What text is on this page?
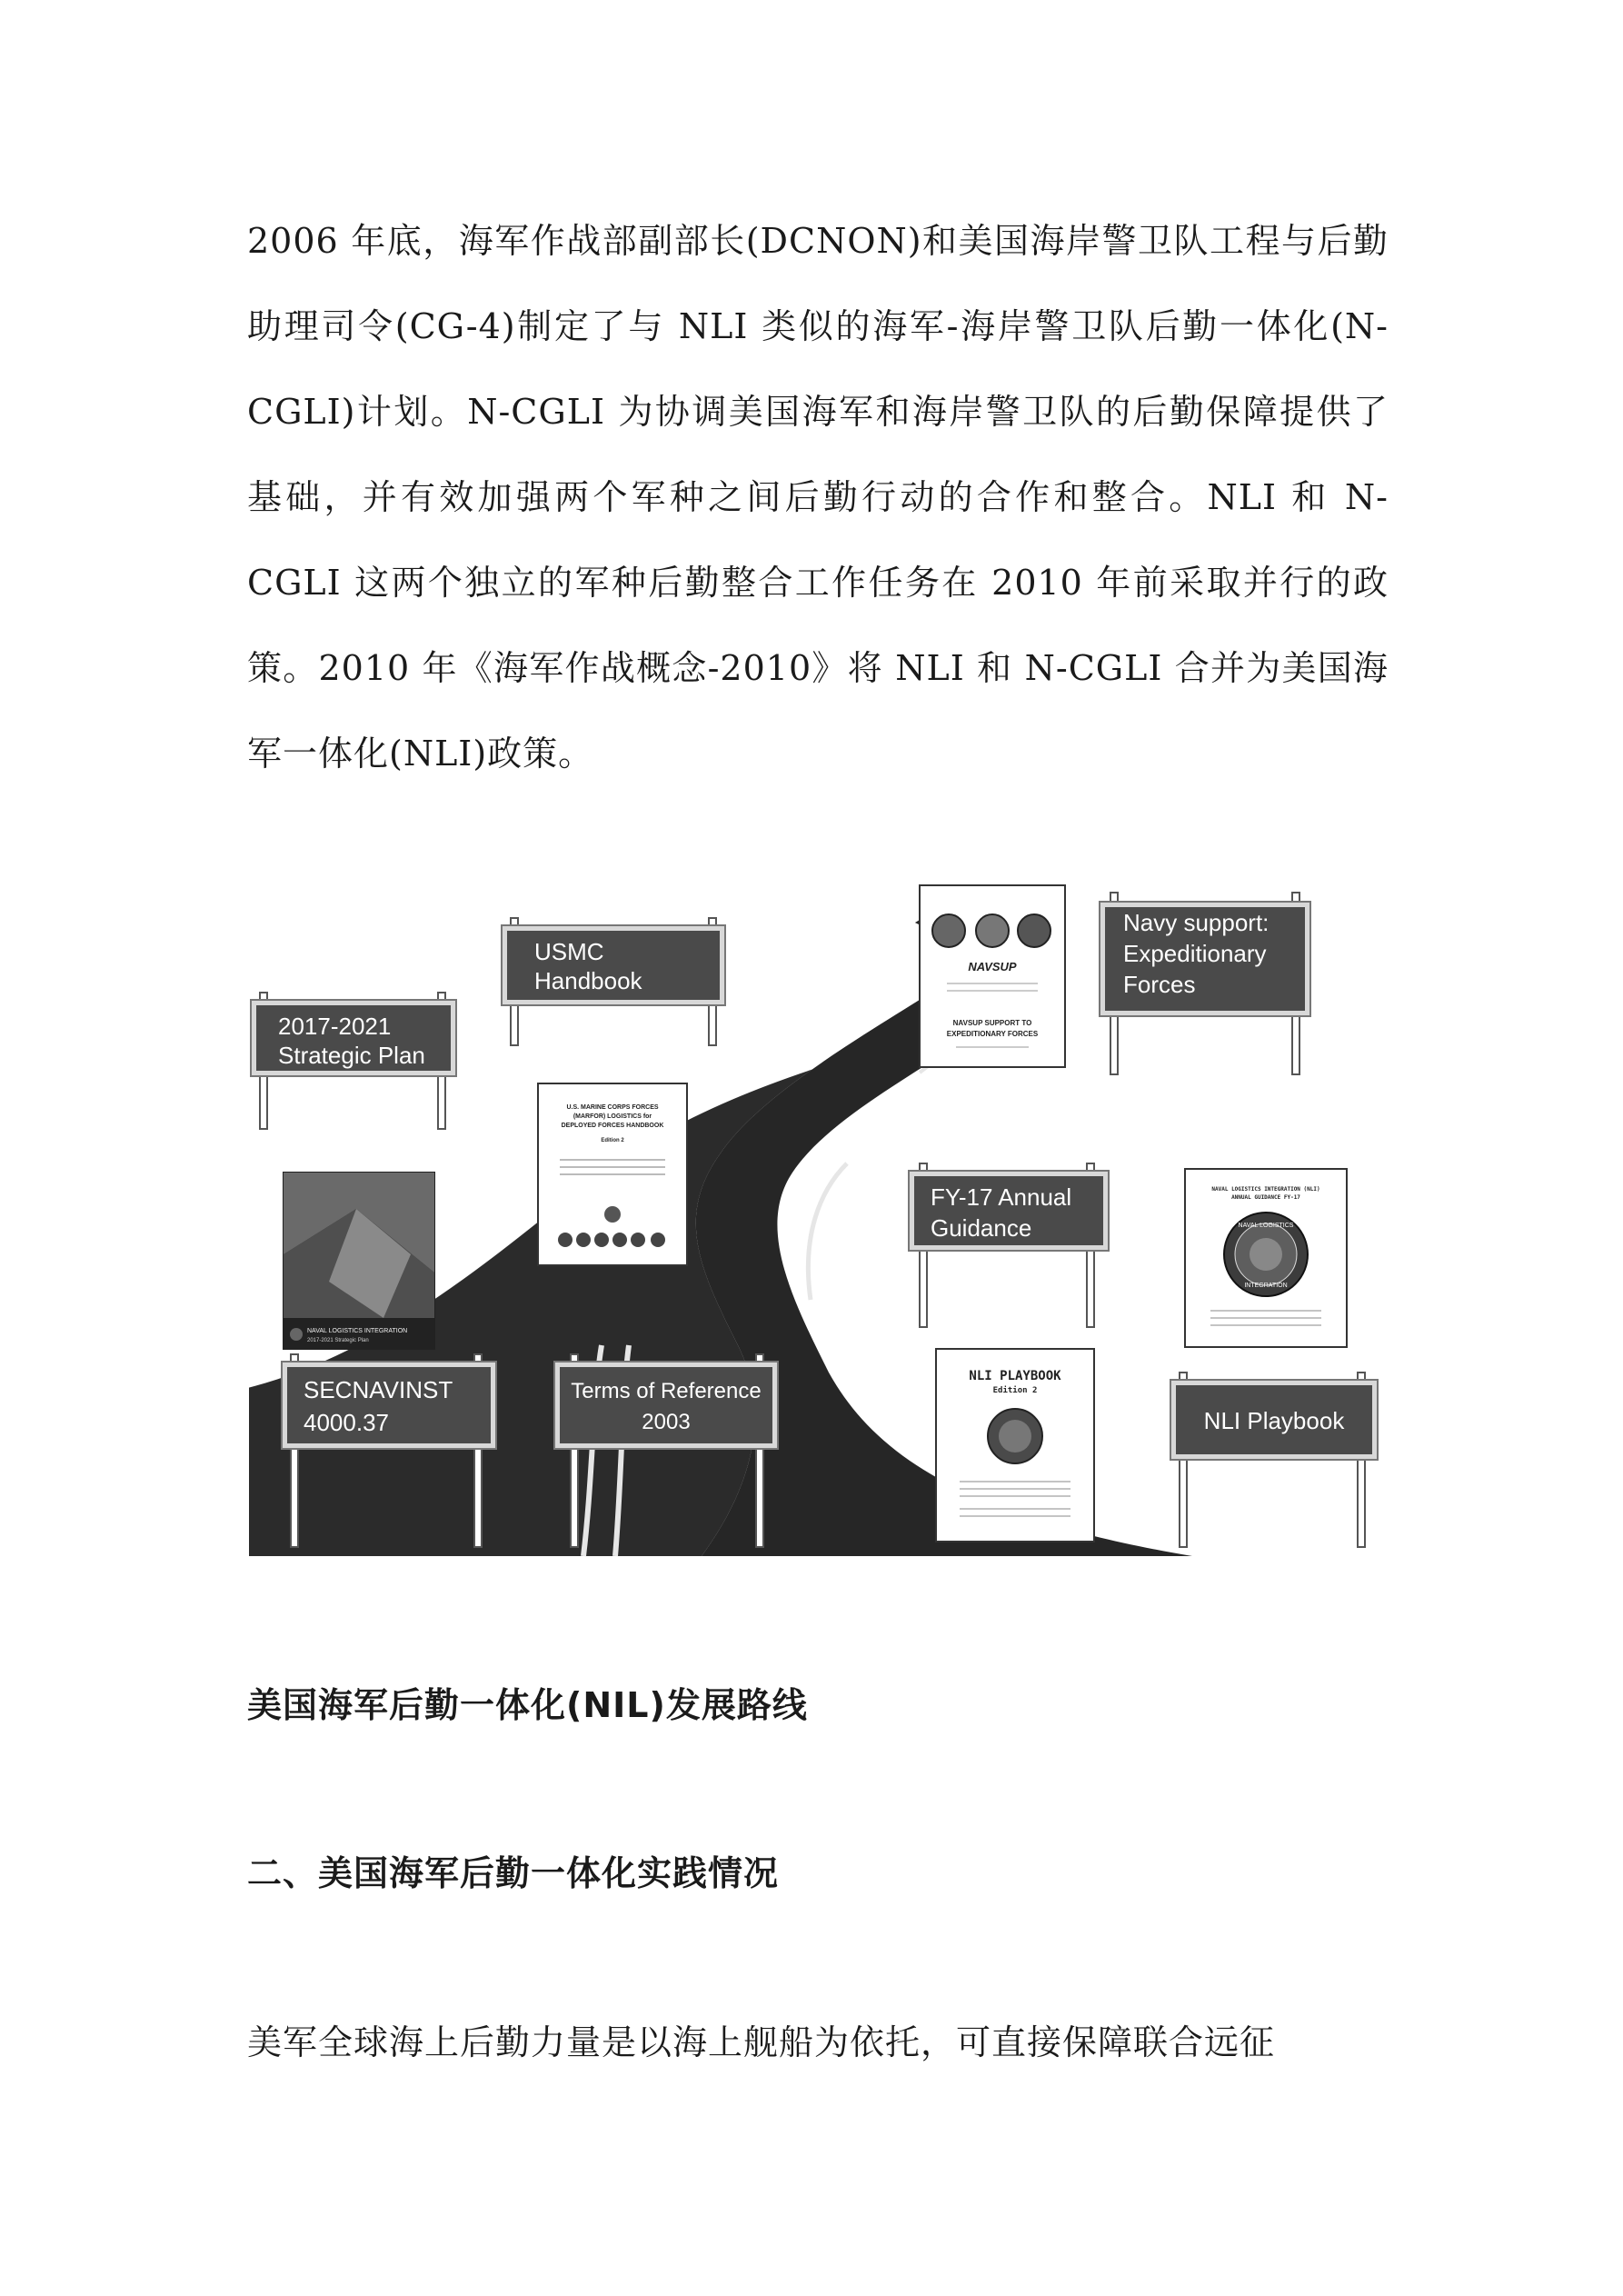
2006 年底，海军作战部副部长(DCNON)和美国海岸警卫队工程与后勤助理司令(CG-4)制定了与 NLI 类似的海军-海岸警卫队后勤一体化(N-CGLI)计划。N-CGLI 为协调美国海军和海岸警卫队的后勤保障提供了基础，并有效加强两个军种之间后勤行动的合作和整合。NLI 和 N-CGLI 这两个独立的军种后勤整合工作任务在 2010 年前采取并行的政策。2010 年《海军作战概念-2010》将 NLI 和 N-CGLI 合并为美国海军一体化(NLI)政策。

2017-2021
Strategic Plan
USMC
Handbook
Navy support:
Expeditionary
Forces
FY-17 Annual
Guidance
SECNAVINST
4000.37
Terms of Reference
2003
U.S. MARINE CORPS FORCES
(MARFOR) LOGISTICS for
DEPLOYED FORCES HANDBOOK
Edition 2
NAVSUP
NAVSUP SUPPORT TO
EXPEDITIONARY FORCES
NAVAL LOGISTICS INTEGRATION
2017-2021 Strategic Plan
NLI PLAYBOOK
Edition 2
NAVAL LOGISTICS INTEGRATION (NLI)
ANNUAL GUIDANCE FY-17
NAVAL LOGISTICS
INTEGRATION
NLI Playbook

美国海军后勤一体化(NIL)发展路线

二、美国海军后勤一体化实践情况

美军全球海上后勤力量是以海上舰船为依托，可直接保障联合远征
